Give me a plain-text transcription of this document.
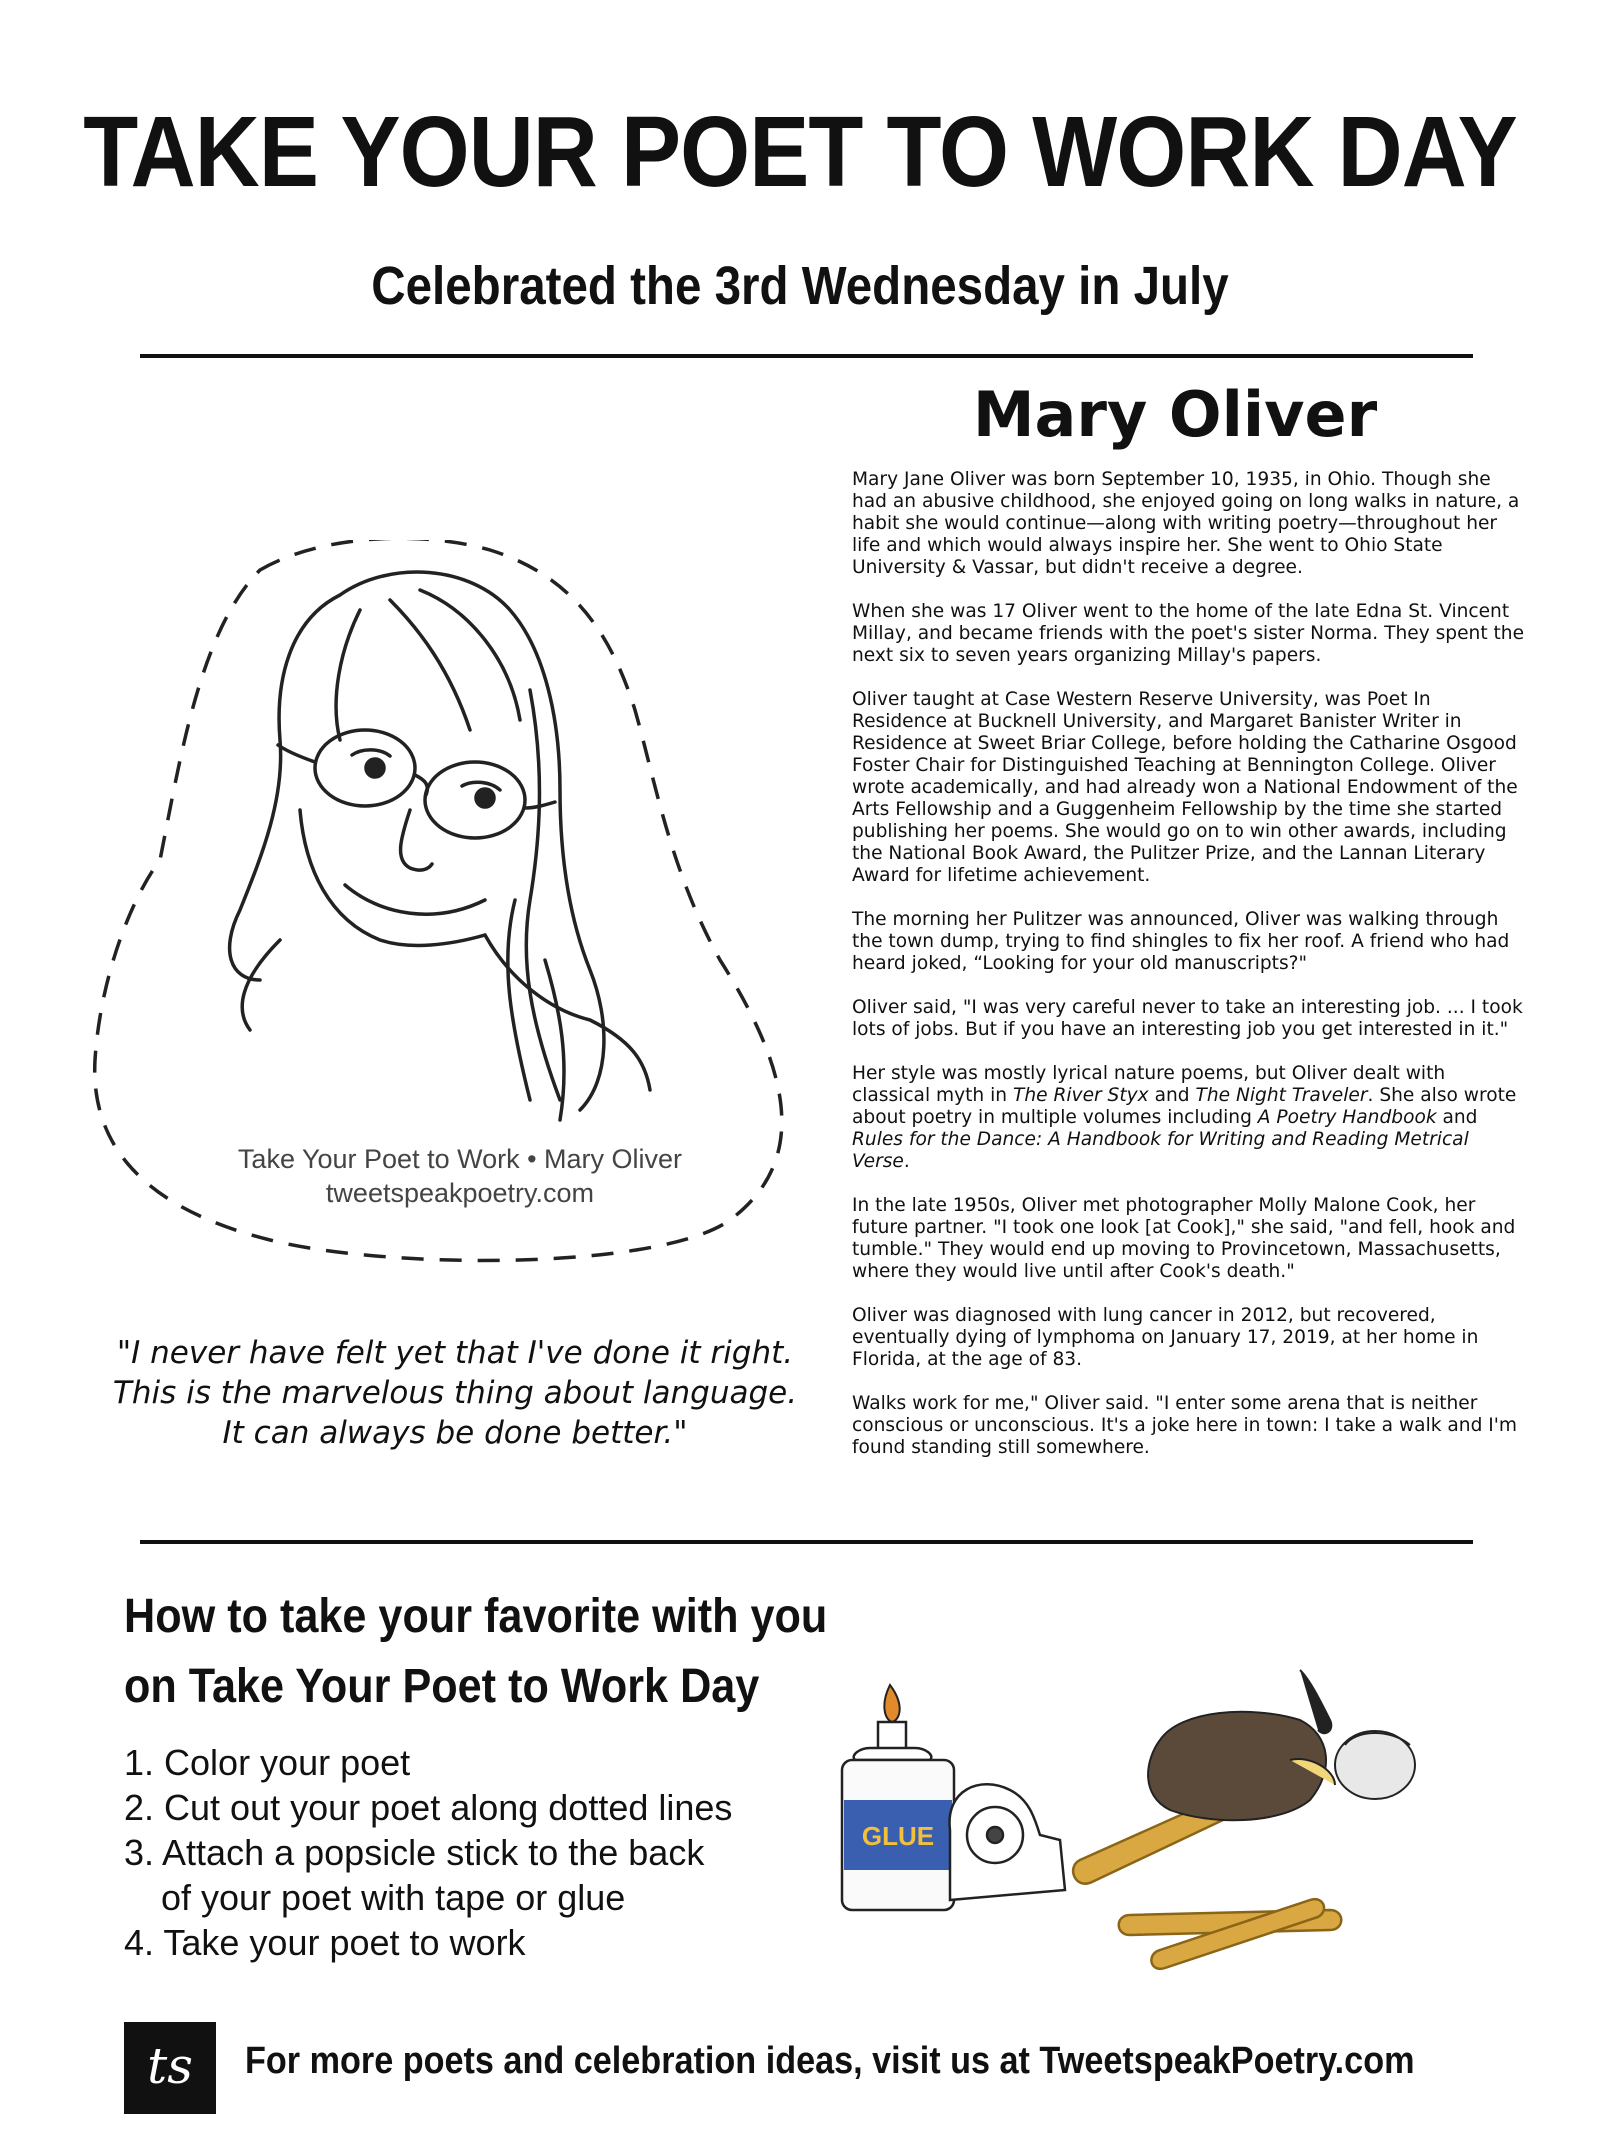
TAKE YOUR POET TO WORK DAY
Celebrated the 3rd Wednesday in July
Mary Oliver

Mary Jane Oliver was born September 10, 1935, in Ohio. Though she had an abusive childhood, she enjoyed going on long walks in nature, a habit she would continue—along with writing poetry—throughout her life and which would always inspire her. She went to Ohio State University & Vassar, but didn't receive a degree.

When she was 17 Oliver went to the home of the late Edna St. Vincent Millay, and became friends with the poet's sister Norma. They spent the next six to seven years organizing Millay's papers.

Oliver taught at Case Western Reserve University, was Poet In Residence at Bucknell University, and Margaret Banister Writer in Residence at Sweet Briar College, before holding the Catharine Osgood Foster Chair for Distinguished Teaching at Bennington College. Oliver wrote academically, and had already won a National Endowment of the Arts Fellowship and a Guggenheim Fellowship by the time she started publishing her poems. She would go on to win other awards, including the National Book Award, the Pulitzer Prize, and the Lannan Literary Award for lifetime achievement.

The morning her Pulitzer was announced, Oliver was walking through the town dump, trying to find shingles to fix her roof. A friend who had heard joked, “Looking for your old manuscripts?"

Oliver said, "I was very careful never to take an interesting job. ... I took lots of jobs. But if you have an interesting job you get interested in it."

Her style was mostly lyrical nature poems, but Oliver dealt with classical myth in The River Styx and The Night Traveler. She also wrote about poetry in multiple volumes including A Poetry Handbook and Rules for the Dance: A Handbook for Writing and Reading Metrical Verse.

In the late 1950s, Oliver met photographer Molly Malone Cook, her future partner. "I took one look [at Cook]," she said, "and fell, hook and tumble." They would end up moving to Provincetown, Massachusetts, where they would live until after Cook's death."

Oliver was diagnosed with lung cancer in 2012, but recovered, eventually dying of lymphoma on January 17, 2019, at her home in Florida, at the age of 83.

Walks work for me," Oliver said. "I enter some arena that is neither conscious or unconscious. It's a joke here in town: I take a walk and I'm found standing still somewhere.

Take Your Poet to Work • Mary Oliver
tweetspeakpoetry.com
"I never have felt yet that I've done it right.
This is the marvelous thing about language.
It can always be done better."
How to take your favorite with you
on Take Your Poet to Work Day
1. Color your poet
2. Cut out your poet along dotted lines
3. Attach a popsicle stick to the back
of your poet with tape or glue
4. Take your poet to work
GLUE
ts	For more poets and celebration ideas, visit us at TweetspeakPoetry.com
